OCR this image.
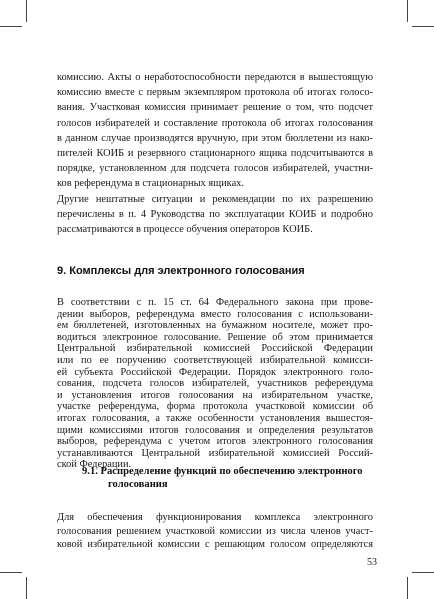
комиссию. Акты о неработоспособности передаются в вышестоящую
комиссию вместе с первым экземпляром протокола об итогах голосо-
вания. Участковая комиссия принимает решение о том, что подсчет
голосов избирателей и составление протокола об итогах голосования
в данном случае производятся вручную, при этом бюллетени из нако-
пителей КОИБ и резервного стационарного ящика подсчитываются в
порядке, установленном для подсчета голосов избирателей, участни-
ков референдума в стационарных ящиках.
Другие нештатные ситуации и рекомендации по их разрешению
перечислены в п. 4 Руководства по эксплуатации КОИБ и подробно
рассматриваются в процессе обучения операторов КОИБ.
9. Комплексы для электронного голосования
В соответствии с п. 15 ст. 64 Федерального закона при прове-
дении выборов, референдума вместо голосования с использовани-
ем бюллетеней, изготовленных на бумажном носителе, может про-
водиться электронное голосование. Решение об этом принимается
Центральной избирательной комиссией Российской Федерации
или по ее поручению соответствующей избирательной комисси-
ей субъекта Российской Федерации. Порядок электронного голо-
сования, подсчета голосов избирателей, участников референдума
и установления итогов голосования на избирательном участке,
участке референдума, форма протокола участковой комиссии об
итогах голосования, а также особенности установления вышестоя-
щими комиссиями итогов голосования и определения результатов
выборов, референдума с учетом итогов электронного голосования
устанавливаются Центральной избирательной комиссией Россий-
ской Федерации.
9.1. Распределение функций по обеспечению электронного
голосования
Для обеспечения функционирования комплекса электронного
голосования решением участковой комиссии из числа членов участ-
ковой избирательной комиссии с решающим голосом определяются
53
